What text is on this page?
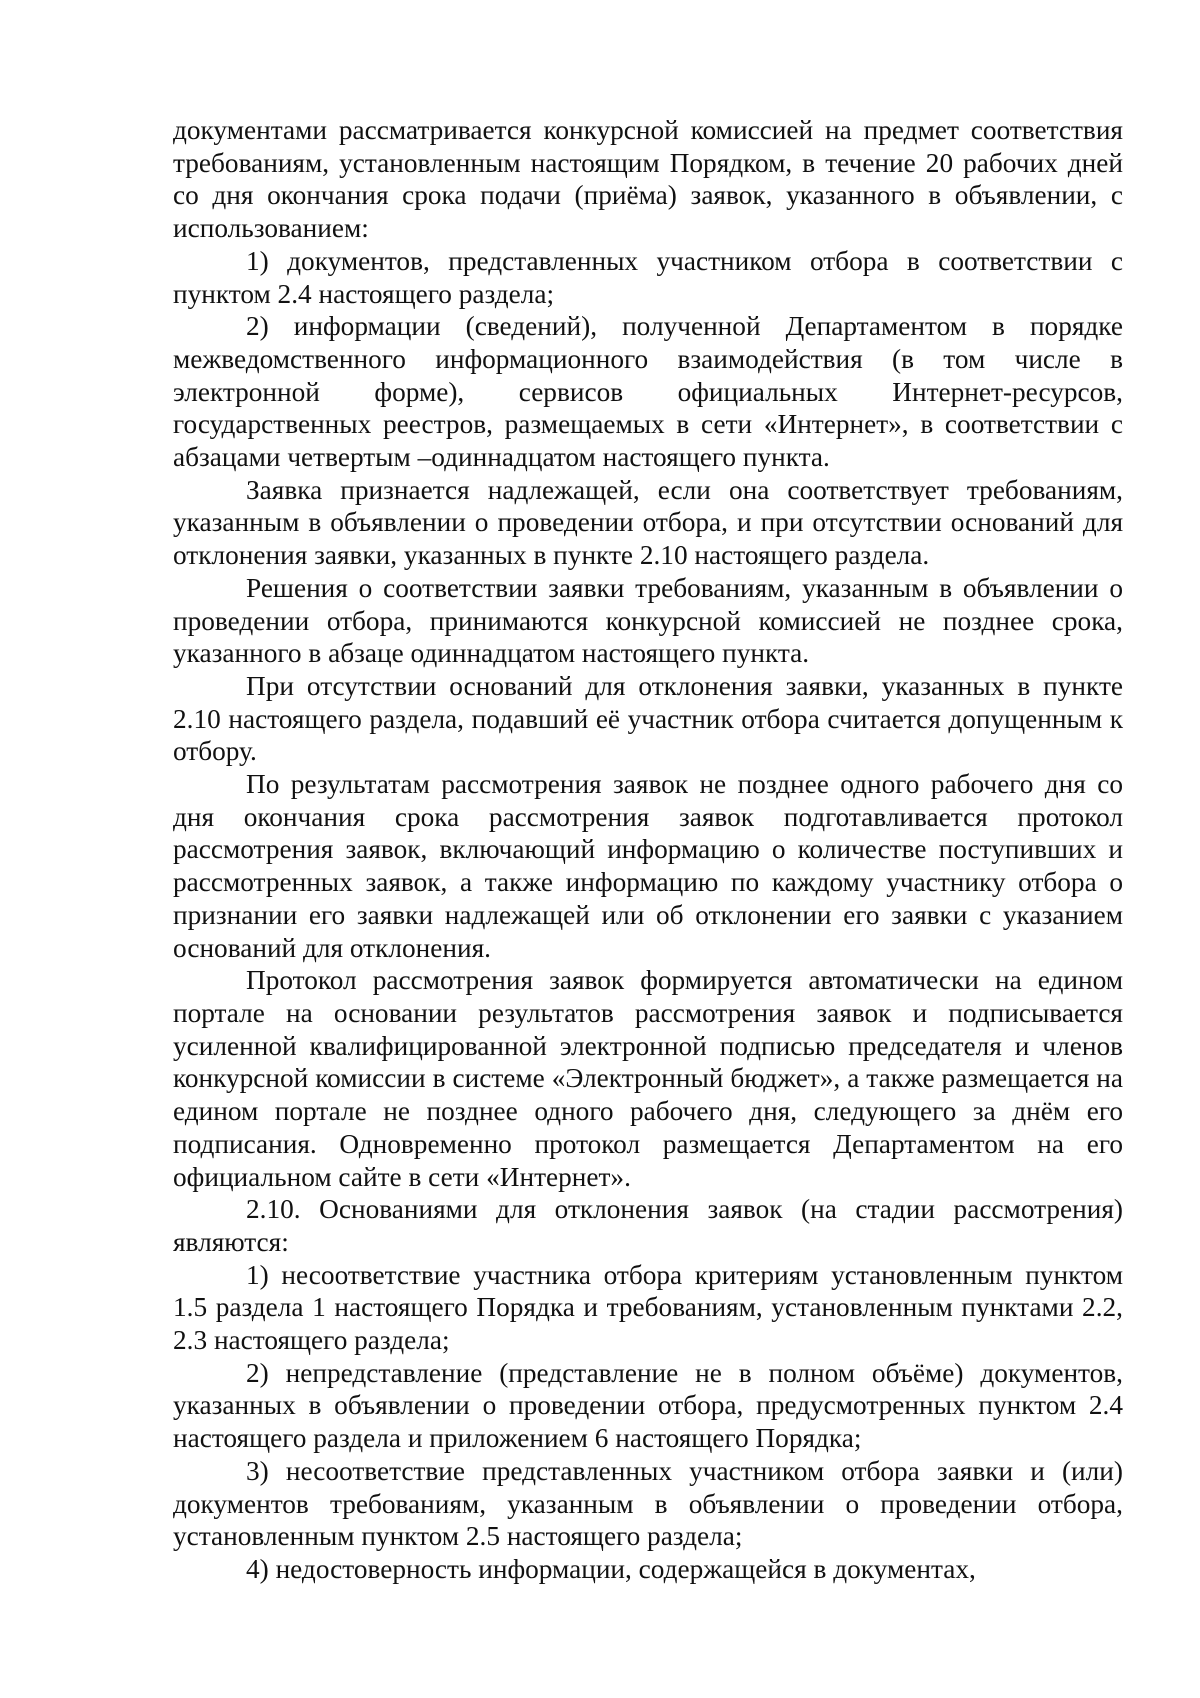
документами рассматривается конкурсной комиссией на предмет соответствия требованиям, установленным настоящим Порядком, в течение 20 рабочих дней со дня окончания срока подачи (приёма) заявок, указанного в объявлении, с использованием:

1) документов, представленных участником отбора в соответствии с пунктом 2.4 настоящего раздела;

2) информации (сведений), полученной Департаментом в порядке межведомственного информационного взаимодействия (в том числе в электронной форме), сервисов официальных Интернет-ресурсов, государственных реестров, размещаемых в сети «Интернет», в соответствии с абзацами четвертым –одиннадцатом настоящего пункта.

Заявка признается надлежащей, если она соответствует требованиям, указанным в объявлении о проведении отбора, и при отсутствии оснований для отклонения заявки, указанных в пункте 2.10 настоящего раздела.

Решения о соответствии заявки требованиям, указанным в объявлении о проведении отбора, принимаются конкурсной комиссией не позднее срока, указанного в абзаце одиннадцатом настоящего пункта.

При отсутствии оснований для отклонения заявки, указанных в пункте 2.10 настоящего раздела, подавший её участник отбора считается допущенным к отбору.

По результатам рассмотрения заявок не позднее одного рабочего дня со дня окончания срока рассмотрения заявок подготавливается протокол рассмотрения заявок, включающий информацию о количестве поступивших и рассмотренных заявок, а также информацию по каждому участнику отбора о признании его заявки надлежащей или об отклонении его заявки с указанием оснований для отклонения.

Протокол рассмотрения заявок формируется автоматически на едином портале на основании результатов рассмотрения заявок и подписывается усиленной квалифицированной электронной подписью председателя и членов конкурсной комиссии в системе «Электронный бюджет», а также размещается на едином портале не позднее одного рабочего дня, следующего за днём его подписания. Одновременно протокол размещается Департаментом на его официальном сайте в сети «Интернет».

2.10. Основаниями для отклонения заявок (на стадии рассмотрения) являются:

1) несоответствие участника отбора критериям установленным пунктом 1.5 раздела 1 настоящего Порядка и требованиям, установленным пунктами 2.2, 2.3 настоящего раздела;

2) непредставление (представление не в полном объёме) документов, указанных в объявлении о проведении отбора, предусмотренных пунктом 2.4 настоящего раздела и приложением 6 настоящего Порядка;

3) несоответствие представленных участником отбора заявки и (или) документов требованиям, указанным в объявлении о проведении отбора, установленным пунктом 2.5 настоящего раздела;

4) недостоверность информации, содержащейся в документах,
